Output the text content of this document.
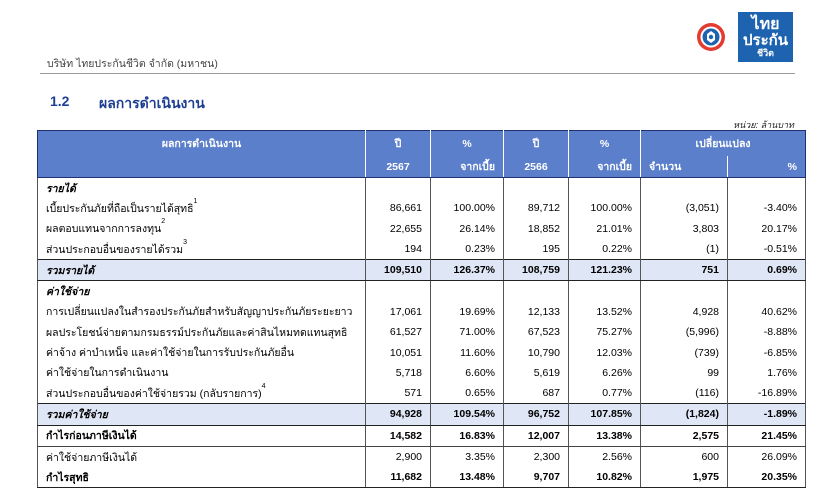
บริษัท ไทยประกันชีวิต จำกัด (มหาชน)
ไทย
ประกัน
ชีวิต
1.2 ผลการดำเนินงาน
หน่วย: ล้านบาท
ผลการดำเนินงาน	ปี	%	ปี	%	เปลี่ยนแปลง	
	2567	จากเบี้ย	2566	จากเบี้ย	จำนวน	%
รายได้						
เบี้ยประกันภัยที่ถือเป็นรายได้สุทธิ$^1$	86,661	100.00%	89,712	100.00%	(3,051)	-3.40%
ผลตอบแทนจากการลงทุน$^2$	22,655	26.14%	18,852	21.01%	3,803	20.17%
ส่วนประกอบอื่นของรายได้รวม$^3$	194	0.23%	195	0.22%	(1)	-0.51%
รวมรายได้	109,510	126.37%	108,759	121.23%	751	0.69%
ค่าใช้จ่าย						
การเปลี่ยนแปลงในสำรองประกันภัยสำหรับสัญญาประกันภัยระยะยาว	17,061	19.69%	12,133	13.52%	4,928	40.62%
ผลประโยชน์จ่ายตามกรมธรรม์ประกันภัยและค่าสินไหมทดแทนสุทธิ	61,527	71.00%	67,523	75.27%	(5,996)	-8.88%
ค่าจ้าง ค่าบำเหน็จ และค่าใช้จ่ายในการรับประกันภัยอื่น	10,051	11.60%	10,790	12.03%	(739)	-6.85%
ค่าใช้จ่ายในการดำเนินงาน	5,718	6.60%	5,619	6.26%	99	1.76%
ส่วนประกอบอื่นของค่าใช้จ่ายรวม (กลับรายการ)$^4$	571	0.65%	687	0.77%	(116)	-16.89%
รวมค่าใช้จ่าย	94,928	109.54%	96,752	107.85%	(1,824)	-1.89%
กำไรก่อนภาษีเงินได้	14,582	16.83%	12,007	13.38%	2,575	21.45%
ค่าใช้จ่ายภาษีเงินได้	2,900	3.35%	2,300	2.56%	600	26.09%
กำไรสุทธิ	11,682	13.48%	9,707	10.82%	1,975	20.35%
